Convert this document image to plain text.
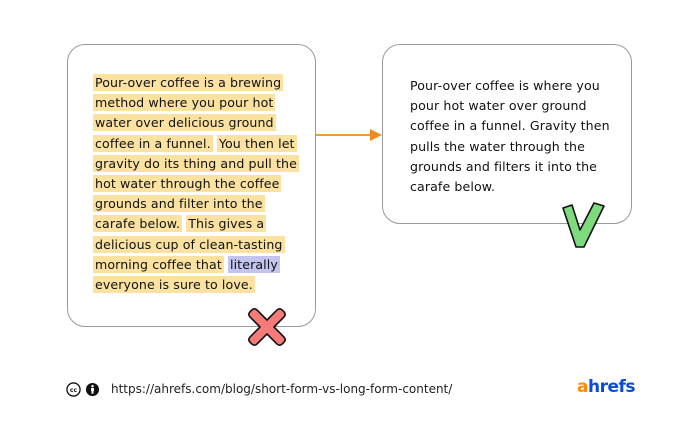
Pour-over coffee is a brewing method where you pour hot water over delicious ground coffee in a funnel. You then let gravity do its thing and pull the hot water through the coffee grounds and filter into the carafe below. This gives a delicious cup of clean-tasting morning coffee that literally everyone is sure to love.

Pour-over coffee is where you pour hot water over ground coffee in a funnel. Gravity then pulls the water through the grounds and filters it into the carafe below.

cc	https://ahrefs.com/blog/short-form-vs-long-form-content/	ahrefs
